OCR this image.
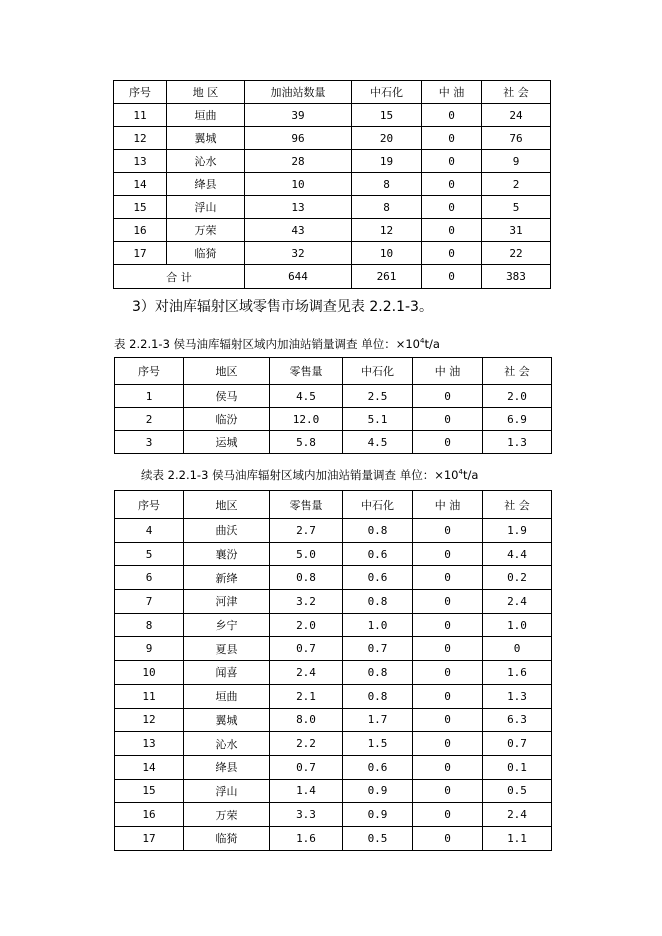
序号	地 区	加油站数量	中石化	中 油	社 会
11	垣曲	39	15	0	24
12	翼城	96	20	0	76
13	沁水	28	19	0	9
14	绛县	10	8	0	2
15	浮山	13	8	0	5
16	万荣	43	12	0	31
17	临猗	32	10	0	22
合 计		644	261	0	383
3）对油库辐射区域零售市场调查见表 2.2.1-3。
表 2.2.1-3 侯马油库辐射区域内加油站销量调查 单位：$\times 10^4t/a$
序号	地区	零售量	中石化	中 油	社 会
1	侯马	4.5	2.5	0	2.0
2	临汾	12.0	5.1	0	6.9
3	运城	5.8	4.5	0	1.3
续表 2.2.1-3 侯马油库辐射区域内加油站销量调查 单位：$\times 10^4t/a$
序号	地区	零售量	中石化	中 油	社 会
4	曲沃	2.7	0.8	0	1.9
5	襄汾	5.0	0.6	0	4.4
6	新绛	0.8	0.6	0	0.2
7	河津	3.2	0.8	0	2.4
8	乡宁	2.0	1.0	0	1.0
9	夏县	0.7	0.7	0	0
10	闻喜	2.4	0.8	0	1.6
11	垣曲	2.1	0.8	0	1.3
12	翼城	8.0	1.7	0	6.3
13	沁水	2.2	1.5	0	0.7
14	绛县	0.7	0.6	0	0.1
15	浮山	1.4	0.9	0	0.5
16	万荣	3.3	0.9	0	2.4
17	临猗	1.6	0.5	0	1.1
